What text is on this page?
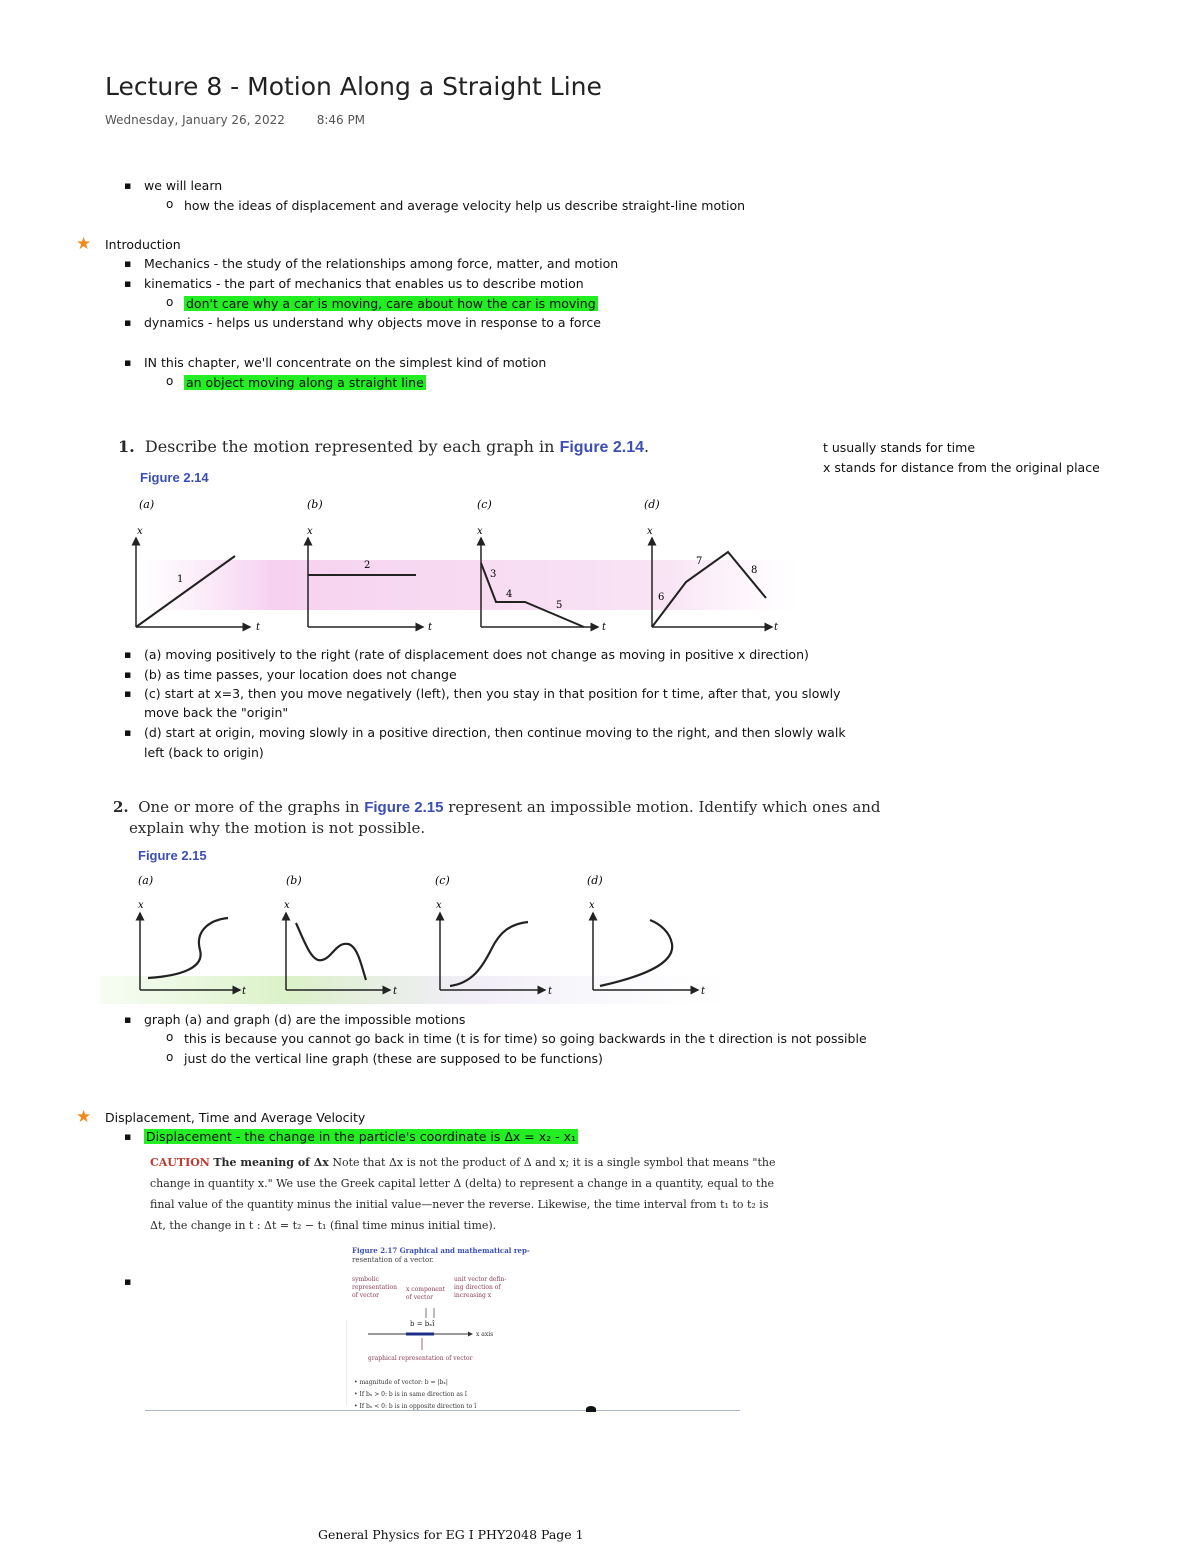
Lecture 8 - Motion Along a Straight Line
Wednesday, January 26, 2022	8:46 PM
▪ we will learn
o how the ideas of displacement and average velocity help us describe straight-line motion
★ Introduction
▪ Mechanics - the study of the relationships among force, matter, and motion
▪ kinematics - the part of mechanics that enables us to describe motion
o don't care why a car is moving, care about how the car is moving
▪ dynamics - helps us understand why objects move in response to a force
▪ IN this chapter, we'll concentrate on the simplest kind of motion
o an object moving along a straight line
1. Describe the motion represented by each graph in Figure 2.14.
Figure 2.14
t usually stands for time
x stands for distance from the original place
(a)	(b)	(c)	(d)
x
t
1
x
t
2
x
t
3
4
5
x
t
6
7
8
▪ (a) moving positively to the right (rate of displacement does not change as moving in positive x direction)
▪ (b) as time passes, your location does not change
▪ (c) start at x=3, then you move negatively (left), then you stay in that position for t time, after that, you slowly
move back the "origin"
▪ (d) start at origin, moving slowly in a positive direction, then continue moving to the right, and then slowly walk
left (back to origin)
2. One or more of the graphs in Figure 2.15 represent an impossible motion. Identify which ones and
explain why the motion is not possible.
Figure 2.15
(a)	(b)	(c)	(d)
x
t
x
t
x
t
x
t
▪ graph (a) and graph (d) are the impossible motions
o this is because you cannot go back in time (t is for time) so going backwards in the t direction is not possible
o just do the vertical line graph (these are supposed to be functions)
★ Displacement, Time and Average Velocity
▪ Displacement - the change in the particle's coordinate is Δx = x₂ - x₁
CAUTION The meaning of Δx Note that Δx is not the product of Δ and x; it is a single symbol that means "the
change in quantity x." We use the Greek capital letter Δ (delta) to represent a change in a quantity, equal to the
final value of the quantity minus the initial value—never the reverse. Likewise, the time interval from t₁ to t₂ is
Δt, the change in t : Δt = t₂ − t₁ (final time minus initial time).
Figure 2.17 Graphical and mathematical rep-
resentation of a vector.
symbolic
representation
of vector
x component
of vector
unit vector defin-
ing direction of
increasing x
b = bₓî
x axis
graphical representation of vector
• magnitude of vector: b = |bₓ|
• If bₓ > 0: b is in same direction as î
• If bₓ < 0: b is in opposite direction to î
General Physics for EG I PHY2048 Page 1
